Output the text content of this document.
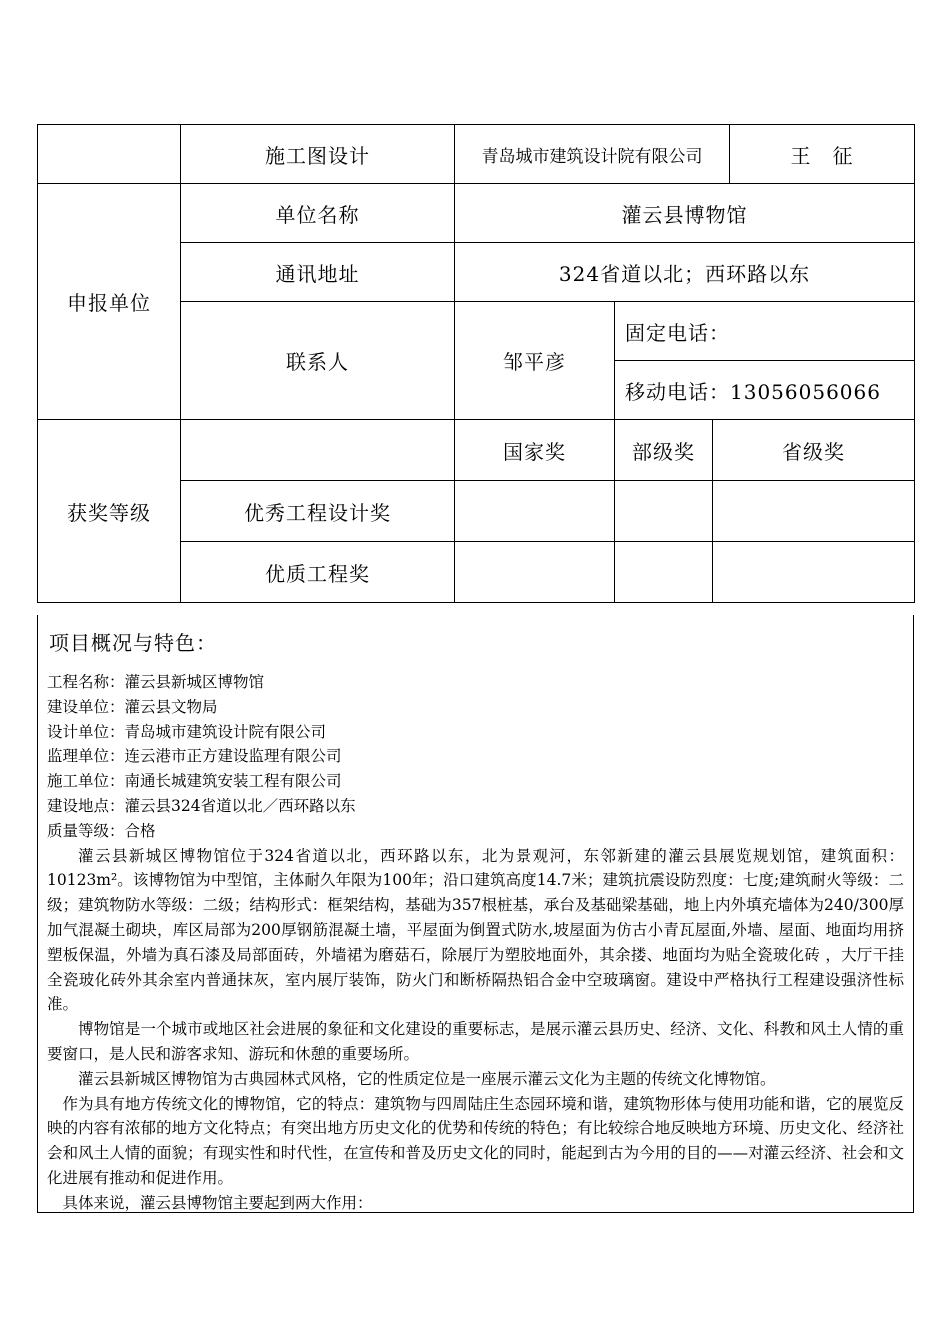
	施工图设计	青岛城市建筑设计院有限公司			王　征
申报单位	单位名称	灌云县博物馆			
	通讯地址	324省道以北；西环路以东			
	联系人	邹平彦	固定电话：		
			移动电话：13056056066		
获奖等级		国家奖	部级奖	省级奖	
	优秀工程设计奖				
	优质工程奖				
项目概况与特色：

工程名称：灌云县新城区博物馆

建设单位：灌云县文物局

设计单位：青岛城市建筑设计院有限公司

监理单位：连云港市正方建设监理有限公司

施工单位：南通长城建筑安装工程有限公司

建设地点：灌云县324省道以北／西环路以东

质量等级：合格

灌云县新城区博物馆位于324省道以北，西环路以东，北为景观河，东邻新建的灌云县展览规划馆，建筑面积：10123m²。该博物馆为中型馆，主体耐久年限为100年；沿口建筑高度14.7米；建筑抗震设防烈度：七度;建筑耐火等级：二级；建筑物防水等级：二级；结构形式：框架结构，基础为357根桩基，承台及基础梁基础，地上内外填充墙体为240/300厚加气混凝土砌块，库区局部为200厚钢筋混凝土墙，平屋面为倒置式防水,坡屋面为仿古小青瓦屋面,外墙、屋面、地面均用挤塑板保温，外墙为真石漆及局部面砖，外墙裙为磨菇石，除展厅为塑胶地面外，其余搂、地面均为贴全瓷玻化砖 ，大厅干挂全瓷玻化砖外其余室内普通抹灰，室内展厅装饰，防火门和断桥隔热铝合金中空玻璃窗。建设中严格执行工程建设强济性标准。

博物馆是一个城市或地区社会进展的象征和文化建设的重要标志，是展示灌云县历史、经济、文化、科教和风土人情的重要窗口，是人民和游客求知、游玩和休憩的重要场所。

灌云县新城区博物馆为古典园林式风格，它的性质定位是一座展示灌云文化为主题的传统文化博物馆。

作为具有地方传统文化的博物馆，它的特点：建筑物与四周陆庄生态园环境和谐，建筑物形体与使用功能和谐，它的展览反映的内容有浓郁的地方文化特点；有突出地方历史文化的优势和传统的特色；有比较综合地反映地方环境、历史文化、经济社会和风土人情的面貌；有现实性和时代性，在宣传和普及历史文化的同时，能起到古为今用的目的——对灌云经济、社会和文化进展有推动和促进作用。

具体来说，灌云县博物馆主要起到两大作用：
